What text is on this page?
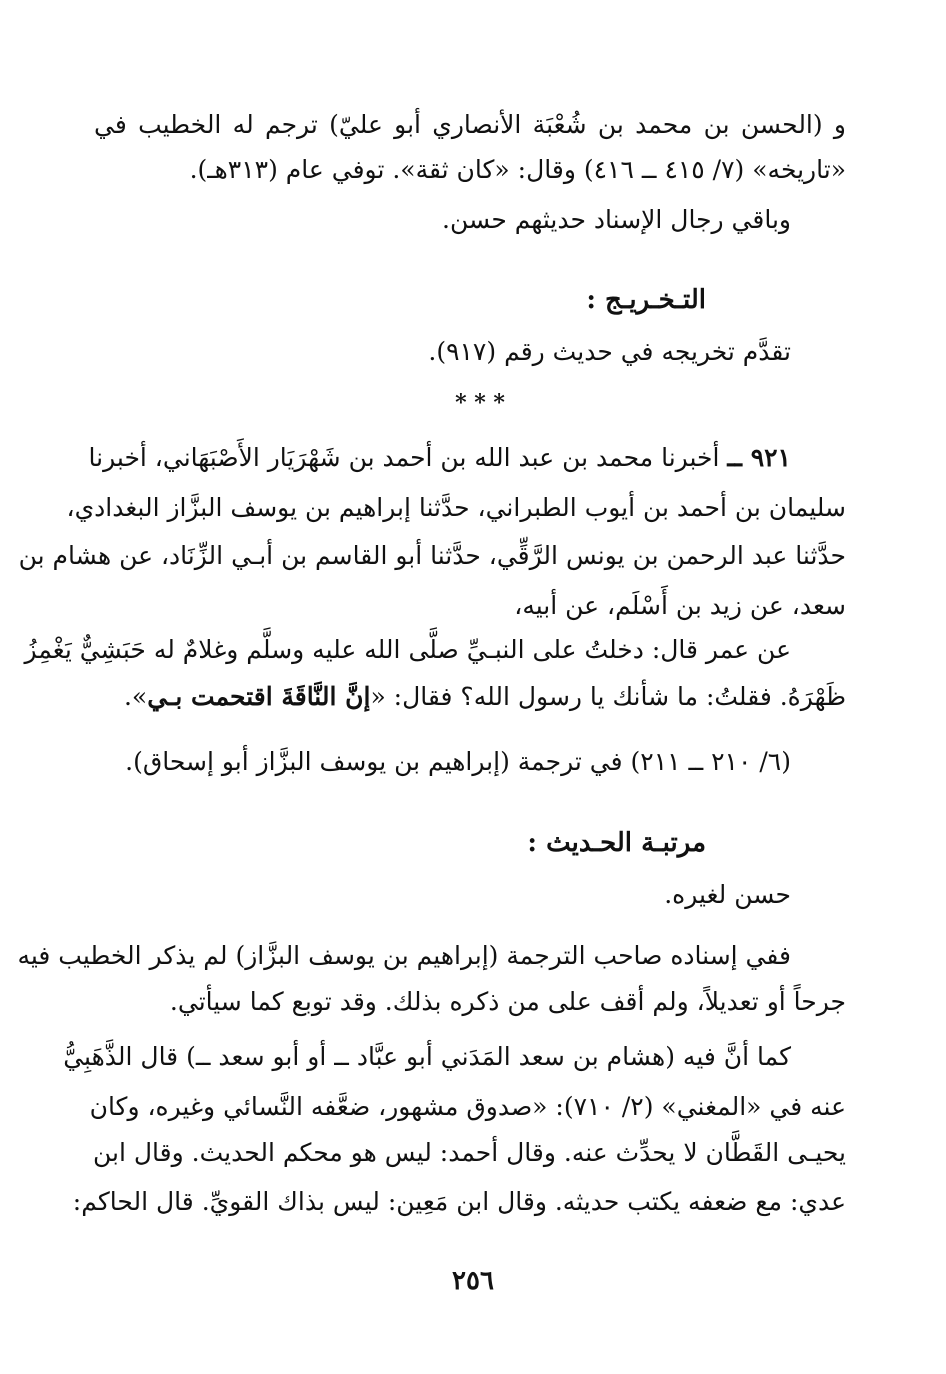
و (الحسن بن محمد بن شُعْبَة الأنصاري أبو عليّ) ترجم له الخطيب في
«تاريخه» (٧/ ٤١٥ ــ ٤١٦) وقال: «كان ثقة». توفي عام (٣١٣هـ).
وباقي رجال الإسناد حديثهم حسن.
التـخـريـج :
تقدَّم تخريجه في حديث رقم (٩١٧).
* * *
٩٢١ ــ أخبرنا محمد بن عبد الله بن أحمد بن شَهْرَيَار الأَصْبَهَاني، أخبرنا
سليمان بن أحمد بن أيوب الطبراني، حدَّثنا إبراهيم بن يوسف البزَّاز البغدادي،
حدَّثنا عبد الرحمن بن يونس الرَّقِّي، حدَّثنا أبو القاسم بن أبـي الزِّنَاد، عن هشام بن
سعد، عن زيد بن أَسْلَم، عن أبيه،
عن عمر قال: دخلتُ على النبـيِّ صلَّى الله عليه وسلَّم وغلامٌ له حَبَشِيٌّ يَغْمِزُ
ظَهْرَهُ. فقلتُ: ما شأنك يا رسول الله؟ فقال: «إنَّ النَّاقَةَ اقتحمت بـي».
(٦/ ٢١٠ ــ ٢١١) في ترجمة (إبراهيم بن يوسف البزَّاز أبو إسحاق).
مرتبـة الحـديث :
حسن لغيره.
ففي إسناده صاحب الترجمة (إبراهيم بن يوسف البزَّاز) لم يذكر الخطيب فيه
جرحاً أو تعديلاً، ولم أقف على من ذكره بذلك. وقد توبع كما سيأتي.
كما أنَّ فيه (هشام بن سعد المَدَني أبو عبَّاد ــ أو أبو سعد ــ) قال الذَّهَبِيُّ
عنه في «المغني» (٢/ ٧١٠): «صدوق مشهور، ضعَّفه النَّسائي وغيره، وكان
يحيـى القَطَّان لا يحدِّث عنه. وقال أحمد: ليس هو محكم الحديث. وقال ابن
عدي: مع ضعفه يكتب حديثه. وقال ابن مَعِين: ليس بذاك القويِّ. قال الحاكم:
٢٥٦
